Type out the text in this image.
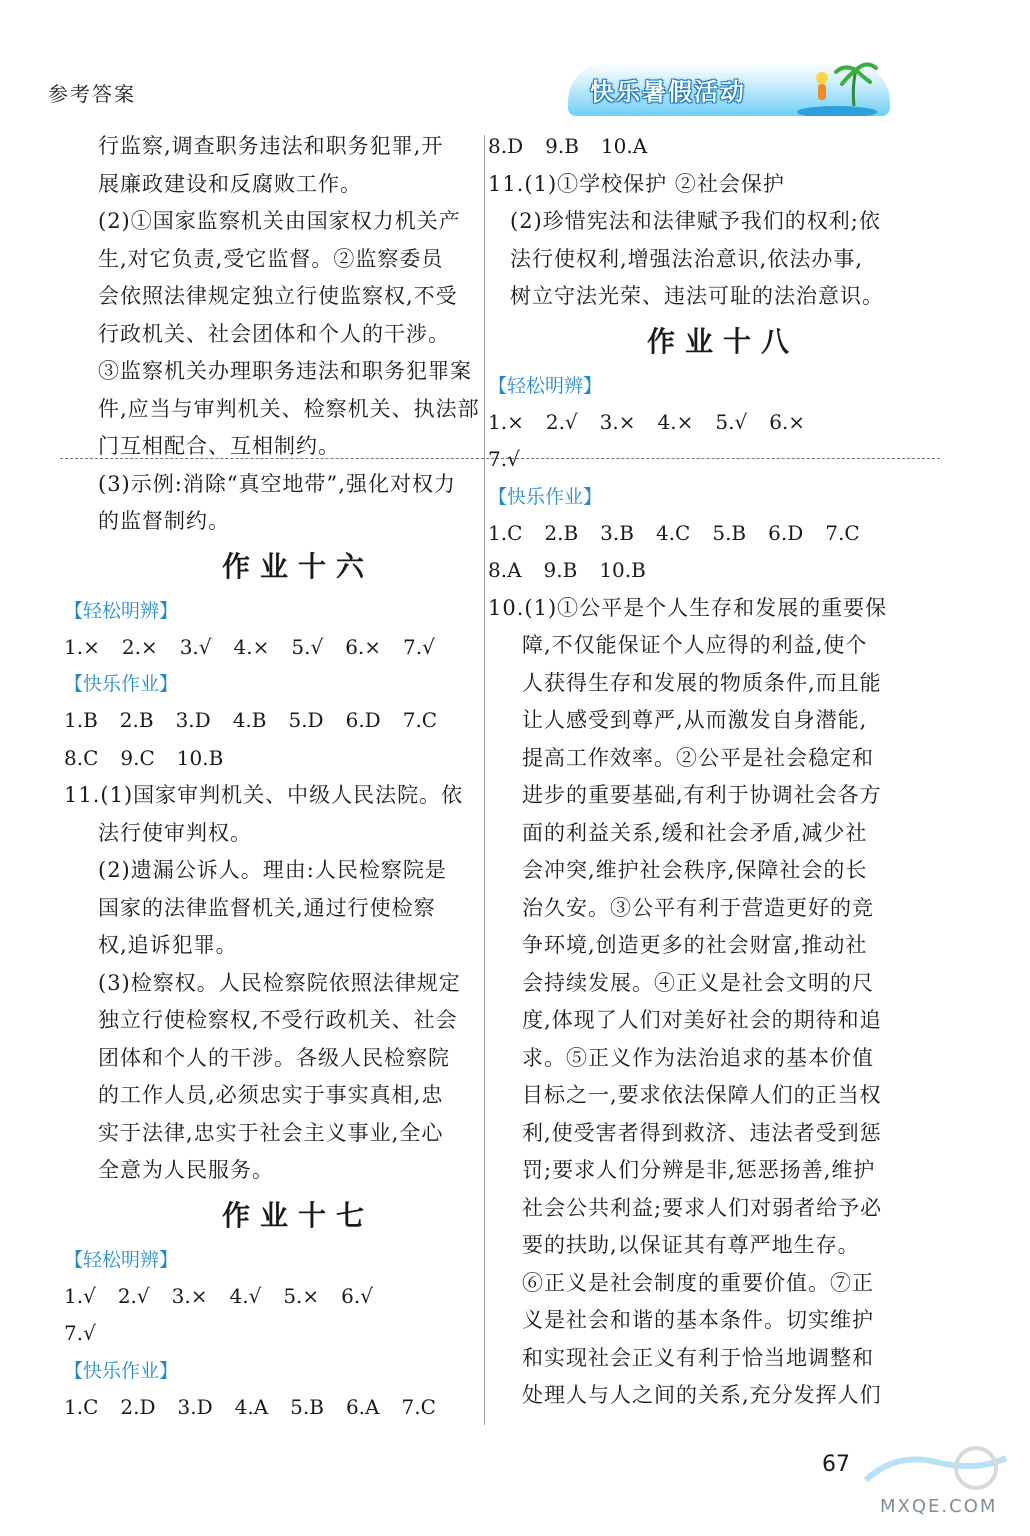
参考答案	快乐暑假活动
行监察,调查职务违法和职务犯罪,开
展廉政建设和反腐败工作。
(2)①国家监察机关由国家权力机关产
生,对它负责,受它监督。②监察委员
会依照法律规定独立行使监察权,不受
行政机关、社会团体和个人的干涉。
③监察机关办理职务违法和职务犯罪案
件,应当与审判机关、检察机关、执法部
门互相配合、互相制约。
(3)示例:消除“真空地带”,强化对权力
的监督制约。
作业十六
【轻松明辨】
1.× 2.× 3.√ 4.× 5.√ 6.× 7.√
【快乐作业】
1.B 2.B 3.D 4.B 5.D 6.D 7.C
8.C 9.C 10.B
11.(1)国家审判机关、中级人民法院。依
法行使审判权。
(2)遗漏公诉人。理由:人民检察院是
国家的法律监督机关,通过行使检察
权,追诉犯罪。
(3)检察权。人民检察院依照法律规定
独立行使检察权,不受行政机关、社会
团体和个人的干涉。各级人民检察院
的工作人员,必须忠实于事实真相,忠
实于法律,忠实于社会主义事业,全心
全意为人民服务。
作业十七
【轻松明辨】
1.√ 2.√ 3.× 4.√ 5.× 6.√
7.√
【快乐作业】
1.C 2.D 3.D 4.A 5.B 6.A 7.C
8.D 9.B 10.A
11.(1)①学校保护 ②社会保护
(2)珍惜宪法和法律赋予我们的权利;依
法行使权利,增强法治意识,依法办事,
树立守法光荣、违法可耻的法治意识。
作业十八
【轻松明辨】
1.× 2.√ 3.× 4.× 5.√ 6.×
7.√
【快乐作业】
1.C 2.B 3.B 4.C 5.B 6.D 7.C
8.A 9.B 10.B
10.(1)①公平是个人生存和发展的重要保
障,不仅能保证个人应得的利益,使个
人获得生存和发展的物质条件,而且能
让人感受到尊严,从而激发自身潜能,
提高工作效率。②公平是社会稳定和
进步的重要基础,有利于协调社会各方
面的利益关系,缓和社会矛盾,减少社
会冲突,维护社会秩序,保障社会的长
治久安。③公平有利于营造更好的竞
争环境,创造更多的社会财富,推动社
会持续发展。④正义是社会文明的尺
度,体现了人们对美好社会的期待和追
求。⑤正义作为法治追求的基本价值
目标之一,要求依法保障人们的正当权
利,使受害者得到救济、违法者受到惩
罚;要求人们分辨是非,惩恶扬善,维护
社会公共利益;要求人们对弱者给予必
要的扶助,以保证其有尊严地生存。
⑥正义是社会制度的重要价值。⑦正
义是社会和谐的基本条件。切实维护
和实现社会正义有利于恰当地调整和
处理人与人之间的关系,充分发挥人们
67
MXQE.COM
